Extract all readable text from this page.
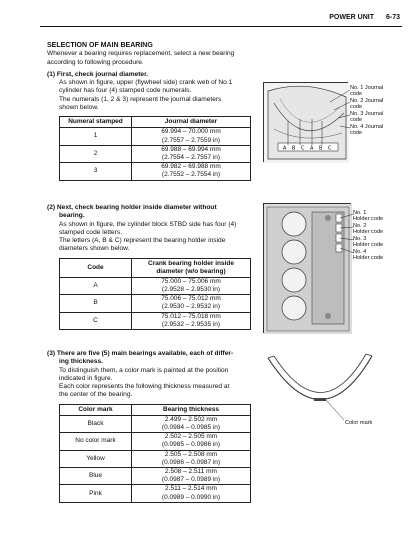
POWER UNIT 6-73
SELECTION OF MAIN BEARING
Whenever a bearing requires replacement, select a new bearing
according to following procedure.
(1) First, check journal diameter.
As shown in figure, upper (flywheel side) crank web of No.1
cylinder has four (4) stamped code numerals.
The numerals (1, 2 & 3) represent the journal diameters
shown below.
Numeral stamped	Journal diameter
1	69.994 – 70.000 mm
(2.7557 – 2.7559 in)

2	69.988 – 69.994 mm
(2.7554 – 2.7557 in)

3	69.982 – 69.988 mm
(2.7552 – 2.7554 in)
(2) Next, check bearing holder inside diameter without
bearing.
As shown in figure, the cylinder block STBD side has four (4)
stamped code letters.
The letters (A, B & C) represent the bearing holder inside
diameters shown below.
Code	Crank bearing holder inside
diameter (w/o bearing)

A	75.000 – 75.006 mm
(2.9528 – 2.9530 in)

B	75.006 – 75.012 mm
(2.9530 – 2.9532 in)

C	75.012 – 75.018 mm
(2.9532 – 2.9535 in)
(3) There are five (5) main bearings available, each of differ-
ing thickness.
To distinguish them, a color mark is painted at the position
indicated in figure.
Each color represents the following thickness measured at
the center of the bearing.
Color mark	Bearing thickness
Black	2.499 – 2.502 mm
(0.0984 – 0.0985 in)

No color mark	2.502 – 2.505 mm
(0.0985 – 0.0986 in)

Yellow	2.505 – 2.508 mm
(0.0986 – 0.0987 in)

Blue	2.508 – 2.511 mm
(0.0987 – 0.0989 in)

Pink	2.511 – 2.514 mm
(0.0989 – 0.0990 in)
A B C A B C
No. 1 Journal
code
No. 2 Journal
code
No. 3 Journal
code
No. 4 Journal
code
No. 1
Holder code
No. 2
Holder code
No. 3
Holder code
No. 4
Holder code
Color mark
